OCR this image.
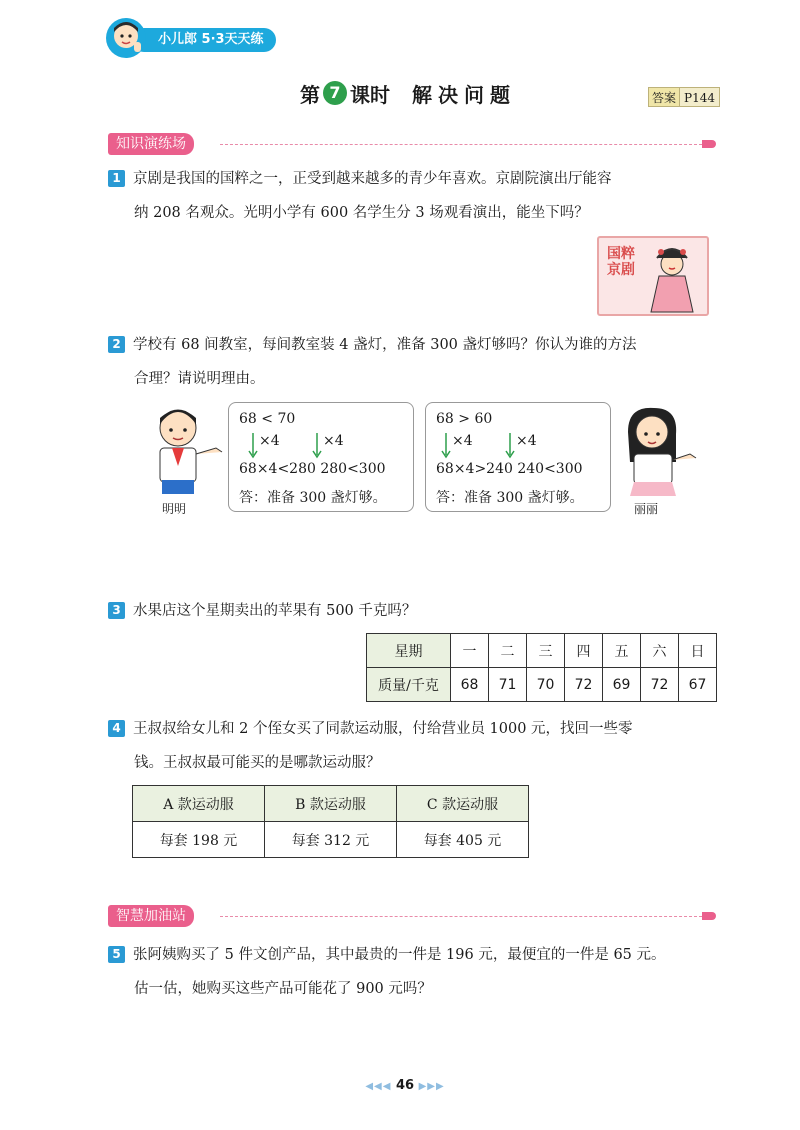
小儿郎 5·3天天练
第 7 课时 解决问题	答案 P144
知识演练场

1 京剧是我国的国粹之一，正受到越来越多的青少年喜欢。京剧院演出厅能容

纳 208 名观众。光明小学有 600 名学生分 3 场观看演出，能坐下吗？

国粹京剧

2 学校有 68 间教室，每间教室装 4 盏灯，准备 300 盏灯够吗？你认为谁的方法

合理？请说明理由。

明明
68 < 70
×4	×4
68×4<280 280<300
答：准备 300 盏灯够。
68 > 60
×4	×4
68×4>240 240<300
答：准备 300 盏灯够。
丽丽

3 水果店这个星期卖出的苹果有 500 千克吗？

星期	一	二	三	四	五	六	日
质量/千克	68	71	70	72	69	72	67

4 王叔叔给女儿和 2 个侄女买了同款运动服，付给营业员 1000 元，找回一些零

钱。王叔叔最可能买的是哪款运动服？

A 款运动服	B 款运动服	C 款运动服
每套 198 元	每套 312 元	每套 405 元
智慧加油站

5 张阿姨购买了 5 件文创产品，其中最贵的一件是 196 元，最便宜的一件是 65 元。

估一估，她购买这些产品可能花了 900 元吗？

◀◀◀ 46 ▶▶▶
